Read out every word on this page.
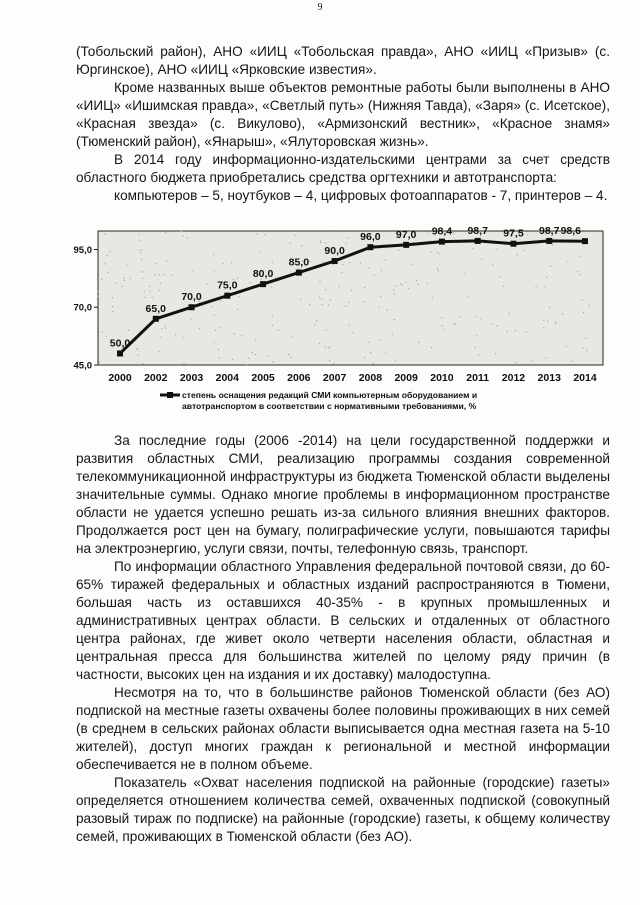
9

(Тобольский район), АНО «ИИЦ «Тобольская правда», АНО «ИИЦ «Призыв» (с. Юргинское), АНО «ИИЦ «Ярковские известия».

Кроме названных выше объектов ремонтные работы были выполнены в АНО «ИИЦ» «Ишимская правда», «Светлый путь» (Нижняя Тавда), «Заря» (с. Исетское), «Красная звезда» (с. Викулово), «Армизонский вестник», «Красное знамя» (Тюменский район), «Янарыш», «Ялуторовская жизнь».

В 2014 году информационно-издательскими центрами за счет средств областного бюджета приобретались средства оргтехники и автотранспорта:

компьютеров – 5, ноутбуков – 4, цифровых фотоаппаратов - 7, принтеров – 4.

45,0
70,0
95,0
2000 2002 2003 2004 2005 2006 2007 2008 2009 2010 2011 2012 2013 2014
50,0
65,0
70,0
75,0
80,0
85,0
90,0
96,0 97,0 98,4 98,7 97,5 98,7 98,6
степень оснащения редакций СМИ компьютерным оборудованием и
автотранспортом в соответствии с нормативными требованиями, %

За последние годы (2006 -2014) на цели государственной поддержки и развития областных СМИ, реализацию программы создания современной телекоммуникационной инфраструктуры из бюджета Тюменской области выделены значительные суммы. Однако многие проблемы в информационном пространстве области не удается успешно решать из-за сильного влияния внешних факторов. Продолжается рост цен на бумагу, полиграфические услуги, повышаются тарифы на электроэнергию, услуги связи, почты, телефонную связь, транспорт.

По информации областного Управления федеральной почтовой связи, до 60-65% тиражей федеральных и областных изданий распространяются в Тюмени, большая часть из оставшихся 40-35% - в крупных промышленных и административных центрах области. В сельских и отдаленных от областного центра районах, где живет около четверти населения области, областная и центральная пресса для большинства жителей по целому ряду причин (в частности, высоких цен на издания и их доставку) малодоступна.

Несмотря на то, что в большинстве районов Тюменской области (без АО) подпиской на местные газеты охвачены более половины проживающих в них семей (в среднем в сельских районах области выписывается одна местная газета на 5-10 жителей), доступ многих граждан к региональной и местной информации обеспечивается не в полном объеме.

Показатель «Охват населения подпиской на районные (городские) газеты» определяется отношением количества семей, охваченных подпиской (совокупный разовый тираж по подписке) на районные (городские) газеты, к общему количеству семей, проживающих в Тюменской области (без АО).
